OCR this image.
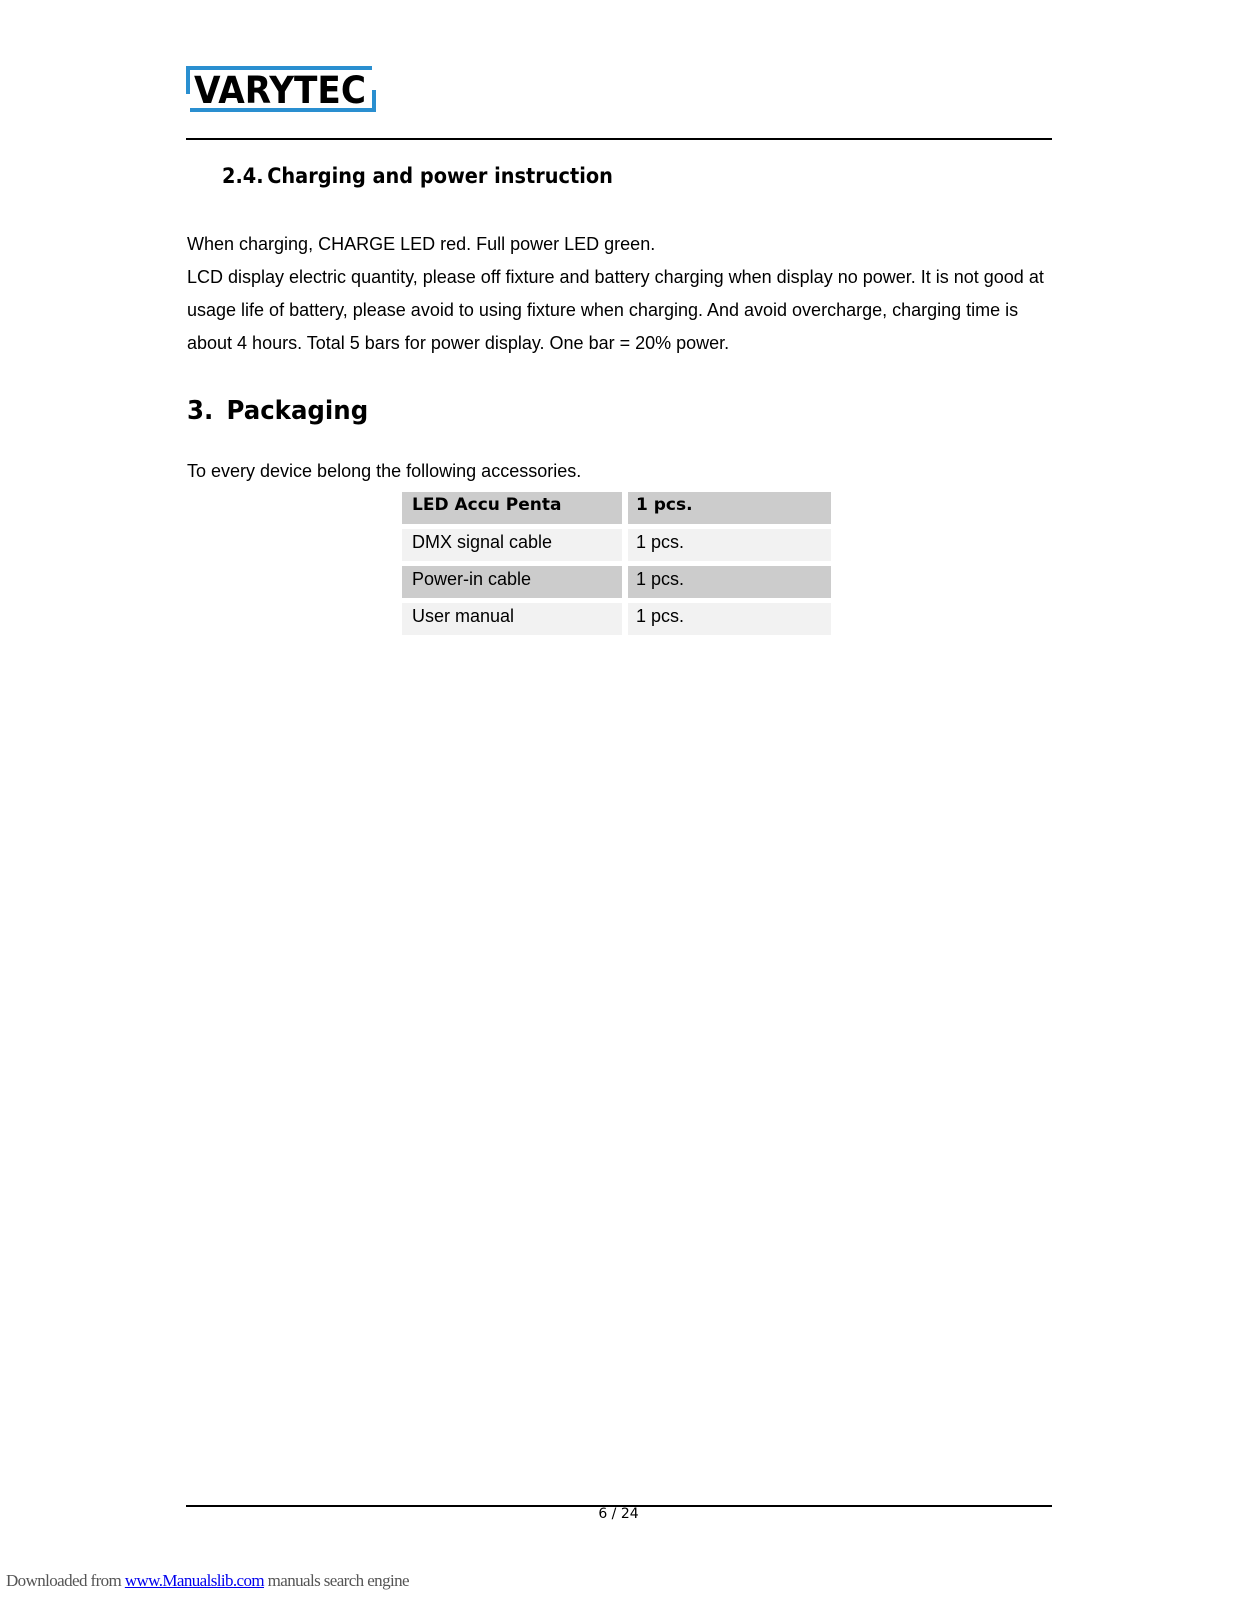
VARYTEC
2.4. Charging and power instruction

When charging, CHARGE LED red. Full power LED green.

LCD display electric quantity, please off fixture and battery charging when display no power. It is not good at usage life of battery, please avoid to using fixture when charging. And avoid overcharge, charging time is about 4 hours. Total 5 bars for power display. One bar = 20% power.

3. Packaging

To every device belong the following accessories.

LED Accu Penta	1 pcs.
DMX signal cable	1 pcs.
Power-in cable	1 pcs.
User manual	1 pcs.
6 / 24
Downloaded from www.Manualslib.com manuals search engine
